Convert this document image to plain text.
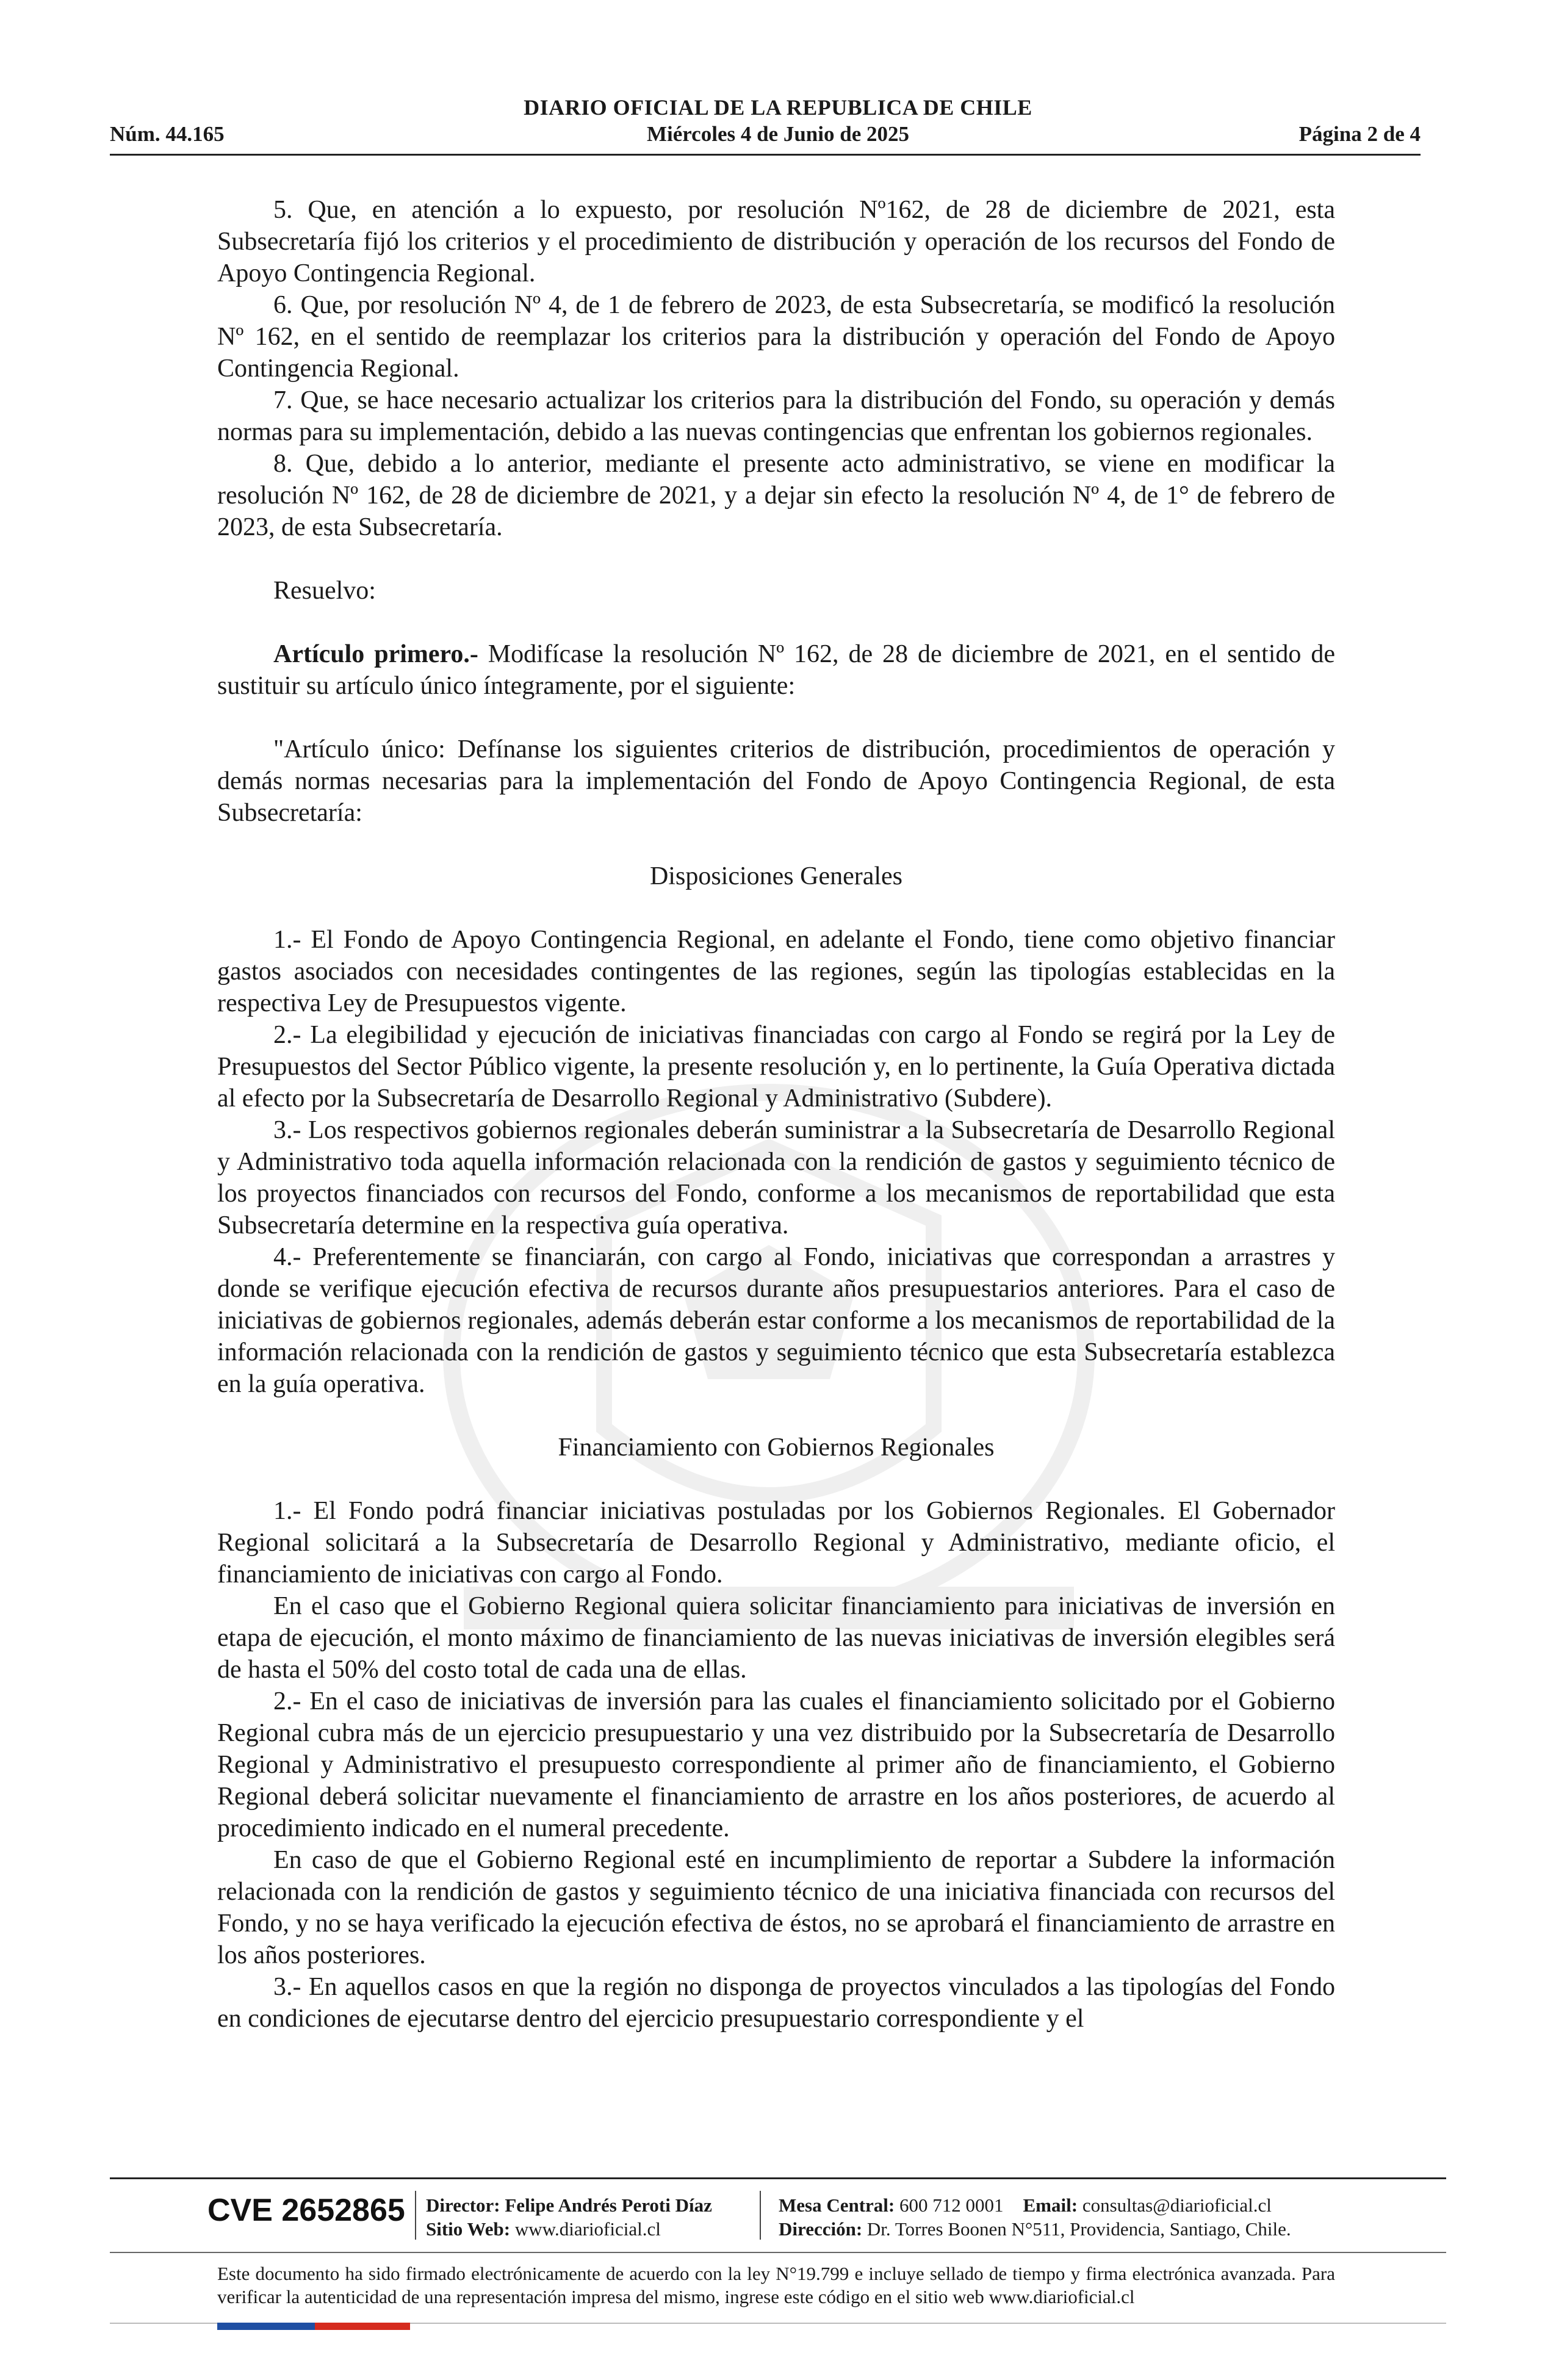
DIARIO OFICIAL DE LA REPUBLICA DE CHILE
Núm. 44.165	Miércoles 4 de Junio de 2025	Página 2 de 4

5. Que, en atención a lo expuesto, por resolución Nº162, de 28 de diciembre de 2021, esta Subsecretaría fijó los criterios y el procedimiento de distribución y operación de los recursos del Fondo de Apoyo Contingencia Regional.

6. Que, por resolución Nº 4, de 1 de febrero de 2023, de esta Subsecretaría, se modificó la resolución Nº 162, en el sentido de reemplazar los criterios para la distribución y operación del Fondo de Apoyo Contingencia Regional.

7. Que, se hace necesario actualizar los criterios para la distribución del Fondo, su operación y demás normas para su implementación, debido a las nuevas contingencias que enfrentan los gobiernos regionales.

8. Que, debido a lo anterior, mediante el presente acto administrativo, se viene en modificar la resolución Nº 162, de 28 de diciembre de 2021, y a dejar sin efecto la resolución Nº 4, de 1° de febrero de 2023, de esta Subsecretaría.

Resuelvo:

Artículo primero.- Modifícase la resolución Nº 162, de 28 de diciembre de 2021, en el sentido de sustituir su artículo único íntegramente, por el siguiente:

"Artículo único: Defínanse los siguientes criterios de distribución, procedimientos de operación y demás normas necesarias para la implementación del Fondo de Apoyo Contingencia Regional, de esta Subsecretaría:

Disposiciones Generales

1.- El Fondo de Apoyo Contingencia Regional, en adelante el Fondo, tiene como objetivo financiar gastos asociados con necesidades contingentes de las regiones, según las tipologías establecidas en la respectiva Ley de Presupuestos vigente.

2.- La elegibilidad y ejecución de iniciativas financiadas con cargo al Fondo se regirá por la Ley de Presupuestos del Sector Público vigente, la presente resolución y, en lo pertinente, la Guía Operativa dictada al efecto por la Subsecretaría de Desarrollo Regional y Administrativo (Subdere).

3.- Los respectivos gobiernos regionales deberán suministrar a la Subsecretaría de Desarrollo Regional y Administrativo toda aquella información relacionada con la rendición de gastos y seguimiento técnico de los proyectos financiados con recursos del Fondo, conforme a los mecanismos de reportabilidad que esta Subsecretaría determine en la respectiva guía operativa.

4.- Preferentemente se financiarán, con cargo al Fondo, iniciativas que correspondan a arrastres y donde se verifique ejecución efectiva de recursos durante años presupuestarios anteriores. Para el caso de iniciativas de gobiernos regionales, además deberán estar conforme a los mecanismos de reportabilidad de la información relacionada con la rendición de gastos y seguimiento técnico que esta Subsecretaría establezca en la guía operativa.

Financiamiento con Gobiernos Regionales

1.- El Fondo podrá financiar iniciativas postuladas por los Gobiernos Regionales. El Gobernador Regional solicitará a la Subsecretaría de Desarrollo Regional y Administrativo, mediante oficio, el financiamiento de iniciativas con cargo al Fondo.

En el caso que el Gobierno Regional quiera solicitar financiamiento para iniciativas de inversión en etapa de ejecución, el monto máximo de financiamiento de las nuevas iniciativas de inversión elegibles será de hasta el 50% del costo total de cada una de ellas.

2.- En el caso de iniciativas de inversión para las cuales el financiamiento solicitado por el Gobierno Regional cubra más de un ejercicio presupuestario y una vez distribuido por la Subsecretaría de Desarrollo Regional y Administrativo el presupuesto correspondiente al primer año de financiamiento, el Gobierno Regional deberá solicitar nuevamente el financiamiento de arrastre en los años posteriores, de acuerdo al procedimiento indicado en el numeral precedente.

En caso de que el Gobierno Regional esté en incumplimiento de reportar a Subdere la información relacionada con la rendición de gastos y seguimiento técnico de una iniciativa financiada con recursos del Fondo, y no se haya verificado la ejecución efectiva de éstos, no se aprobará el financiamiento de arrastre en los años posteriores.

3.- En aquellos casos en que la región no disponga de proyectos vinculados a las tipologías del Fondo en condiciones de ejecutarse dentro del ejercicio presupuestario correspondiente y el

CVE 2652865 Director: Felipe Andrés Peroti Díaz
Sitio Web: www.diarioficial.cl
Mesa Central: 600 712 0001 Email: consultas@diarioficial.cl
Dirección: Dr. Torres Boonen N°511, Providencia, Santiago, Chile.
Este documento ha sido firmado electrónicamente de acuerdo con la ley N°19.799 e incluye sellado de tiempo y firma electrónica avanzada. Para verificar la autenticidad de una representación impresa del mismo, ingrese este código en el sitio web www.diarioficial.cl
